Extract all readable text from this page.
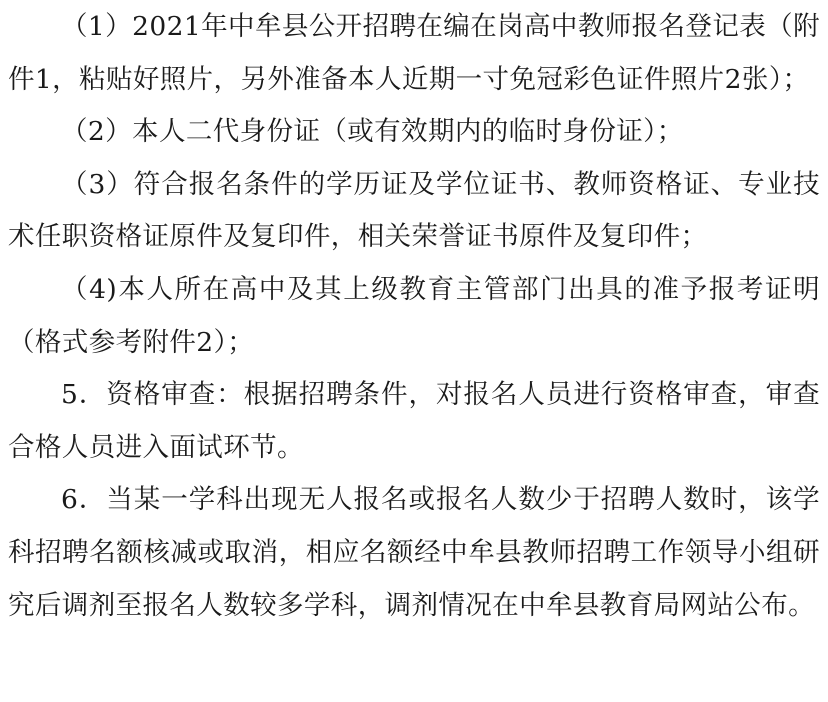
（1）2021年中牟县公开招聘在编在岗高中教师报名登记表（附件1，粘贴好照片，另外准备本人近期一寸免冠彩色证件照片2张）；

（2）本人二代身份证（或有效期内的临时身份证）；

（3）符合报名条件的学历证及学位证书、教师资格证、专业技术任职资格证原件及复印件，相关荣誉证书原件及复印件；

（4)本人所在高中及其上级教育主管部门出具的准予报考证明（格式参考附件2）；

5．资格审查：根据招聘条件，对报名人员进行资格审查，审查合格人员进入面试环节。

6．当某一学科出现无人报名或报名人数少于招聘人数时，该学科招聘名额核减或取消，相应名额经中牟县教师招聘工作领导小组研究后调剂至报名人数较多学科，调剂情况在中牟县教育局网站公布。
